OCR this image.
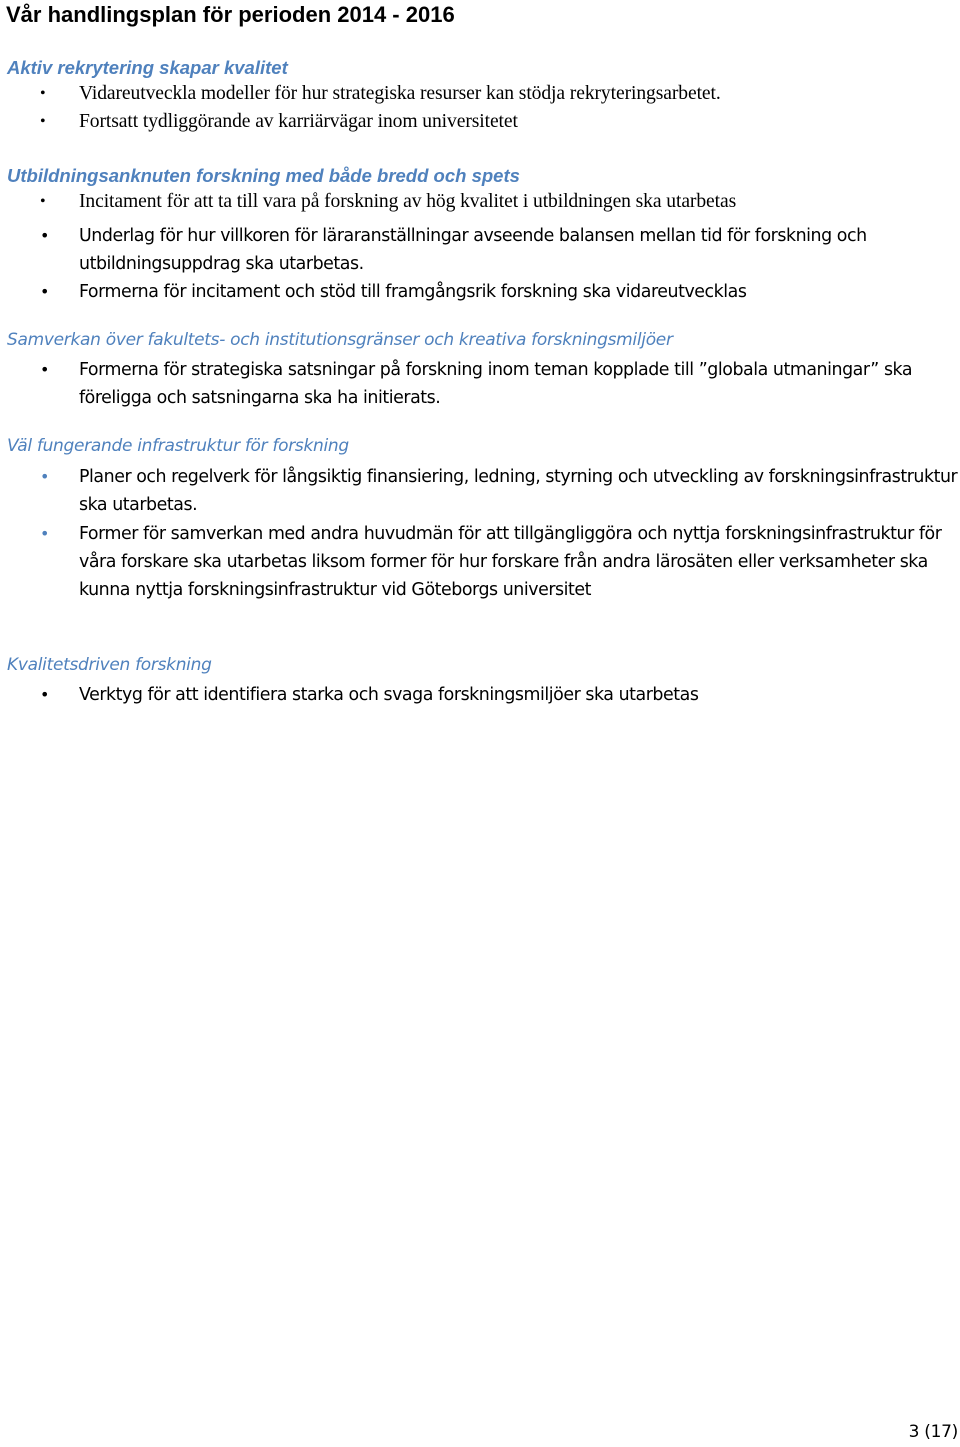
Vår handlingsplan för perioden 2014 - 2016
Aktiv rekrytering skapar kvalitet
• Vidareutveckla modeller för hur strategiska resurser kan stödja rekryteringsarbetet.
• Fortsatt tydliggörande av karriärvägar inom universitetet
Utbildningsanknuten forskning med både bredd och spets
• Incitament för att ta till vara på forskning av hög kvalitet i utbildningen ska utarbetas
• Underlag för hur villkoren för läraranställningar avseende balansen mellan tid för forskning och utbildningsuppdrag ska utarbetas.
• Formerna för incitament och stöd till framgångsrik forskning ska vidareutvecklas
Samverkan över fakultets- och institutionsgränser och kreativa forskningsmiljöer
• Formerna för strategiska satsningar på forskning inom teman kopplade till ”globala utmaningar” ska föreligga och satsningarna ska ha initierats.
Väl fungerande infrastruktur för forskning
• Planer och regelverk för långsiktig finansiering, ledning, styrning och utveckling av forskningsinfrastruktur ska utarbetas.
• Former för samverkan med andra huvudmän för att tillgängliggöra och nyttja forskningsinfrastruktur för våra forskare ska utarbetas liksom former för hur forskare från andra lärosäten eller verksamheter ska kunna nyttja forskningsinfrastruktur vid Göteborgs universitet
Kvalitetsdriven forskning
• Verktyg för att identifiera starka och svaga forskningsmiljöer ska utarbetas
3 (17)
